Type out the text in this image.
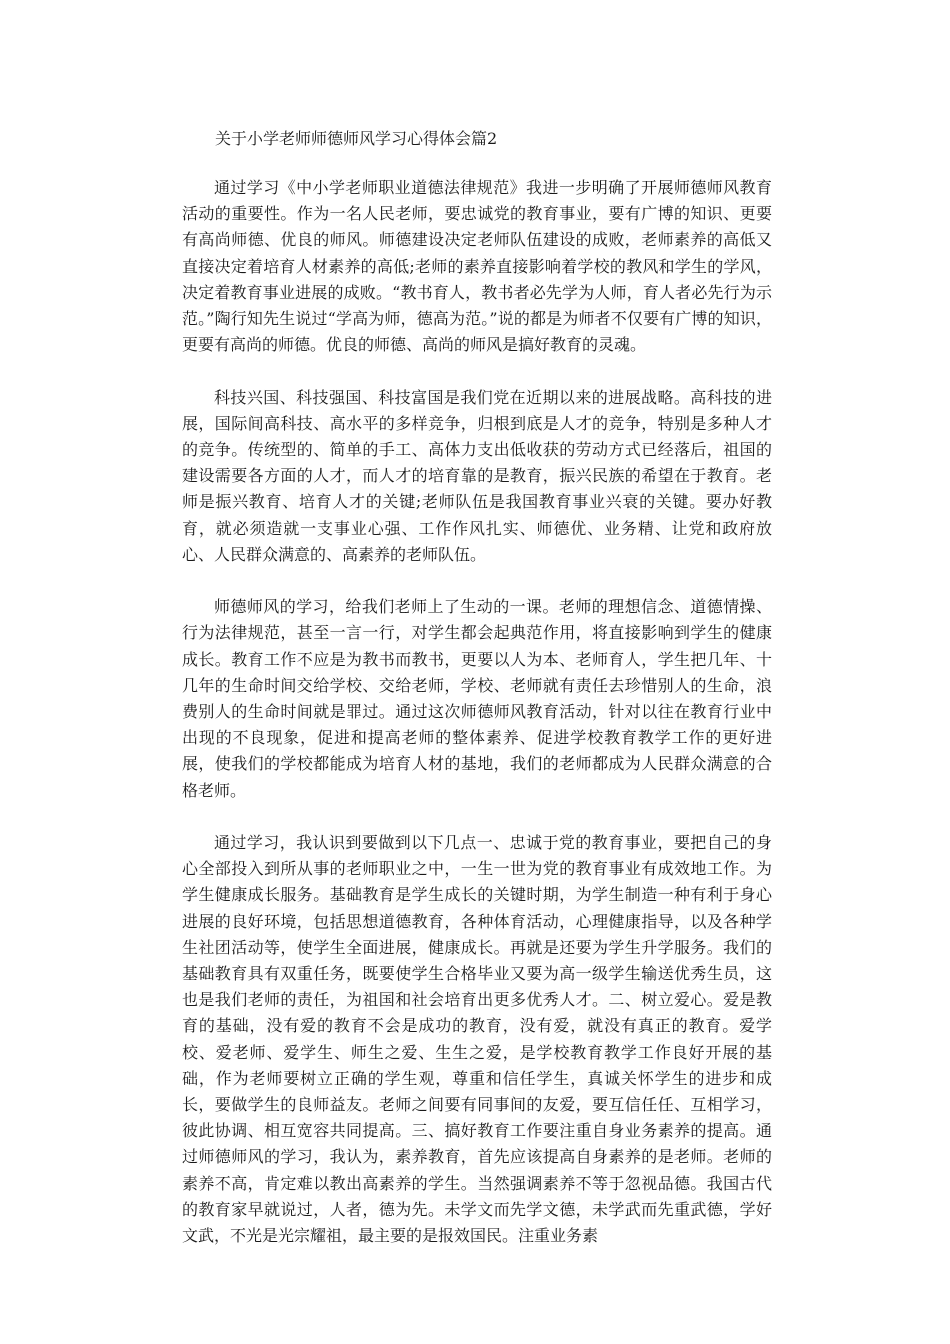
关于小学老师师德师风学习心得体会篇2

通过学习《中小学老师职业道德法律规范》我进一步明确了开展师德师风教育活动的重要性。作为一名人民老师，要忠诚党的教育事业，要有广博的知识、更要有高尚师德、优良的师风。师德建设决定老师队伍建设的成败，老师素养的高低又直接决定着培育人材素养的高低;老师的素养直接影响着学校的教风和学生的学风，决定着教育事业进展的成败。“教书育人，教书者必先学为人师，育人者必先行为示范。”陶行知先生说过“学高为师，德高为范。”说的都是为师者不仅要有广博的知识，更要有高尚的师德。优良的师德、高尚的师风是搞好教育的灵魂。

科技兴国、科技强国、科技富国是我们党在近期以来的进展战略。高科技的进展，国际间高科技、高水平的多样竞争，归根到底是人才的竞争，特别是多种人才的竞争。传统型的、简单的手工、高体力支出低收获的劳动方式已经落后，祖国的建设需要各方面的人才，而人才的培育靠的是教育，振兴民族的希望在于教育。老师是振兴教育、培育人才的关键;老师队伍是我国教育事业兴衰的关键。要办好教育，就必须造就一支事业心强、工作作风扎实、师德优、业务精、让党和政府放心、人民群众满意的、高素养的老师队伍。

师德师风的学习，给我们老师上了生动的一课。老师的理想信念、道德情操、行为法律规范，甚至一言一行，对学生都会起典范作用，将直接影响到学生的健康成长。教育工作不应是为教书而教书，更要以人为本、老师育人，学生把几年、十几年的生命时间交给学校、交给老师，学校、老师就有责任去珍惜别人的生命，浪费别人的生命时间就是罪过。通过这次师德师风教育活动，针对以往在教育行业中出现的不良现象，促进和提高老师的整体素养、促进学校教育教学工作的更好进展，使我们的学校都能成为培育人材的基地，我们的老师都成为人民群众满意的合格老师。

通过学习，我认识到要做到以下几点一、忠诚于党的教育事业，要把自己的身心全部投入到所从事的老师职业之中，一生一世为党的教育事业有成效地工作。为学生健康成长服务。基础教育是学生成长的关键时期，为学生制造一种有利于身心进展的良好环境，包括思想道德教育，各种体育活动，心理健康指导，以及各种学生社团活动等，使学生全面进展，健康成长。再就是还要为学生升学服务。我们的基础教育具有双重任务，既要使学生合格毕业又要为高一级学生输送优秀生员，这也是我们老师的责任，为祖国和社会培育出更多优秀人才。二、树立爱心。爱是教育的基础，没有爱的教育不会是成功的教育，没有爱，就没有真正的教育。爱学校、爱老师、爱学生、师生之爱、生生之爱，是学校教育教学工作良好开展的基础，作为老师要树立正确的学生观，尊重和信任学生，真诚关怀学生的进步和成长，要做学生的良师益友。老师之间要有同事间的友爱，要互信任任、互相学习，彼此协调、相互宽容共同提高。三、搞好教育工作要注重自身业务素养的提高。通过师德师风的学习，我认为，素养教育，首先应该提高自身素养的是老师。老师的素养不高，肯定难以教出高素养的学生。当然强调素养不等于忽视品德。我国古代的教育家早就说过，人者，德为先。未学文而先学文德，未学武而先重武德，学好文武，不光是光宗耀祖，最主要的是报效国民。注重业务素
